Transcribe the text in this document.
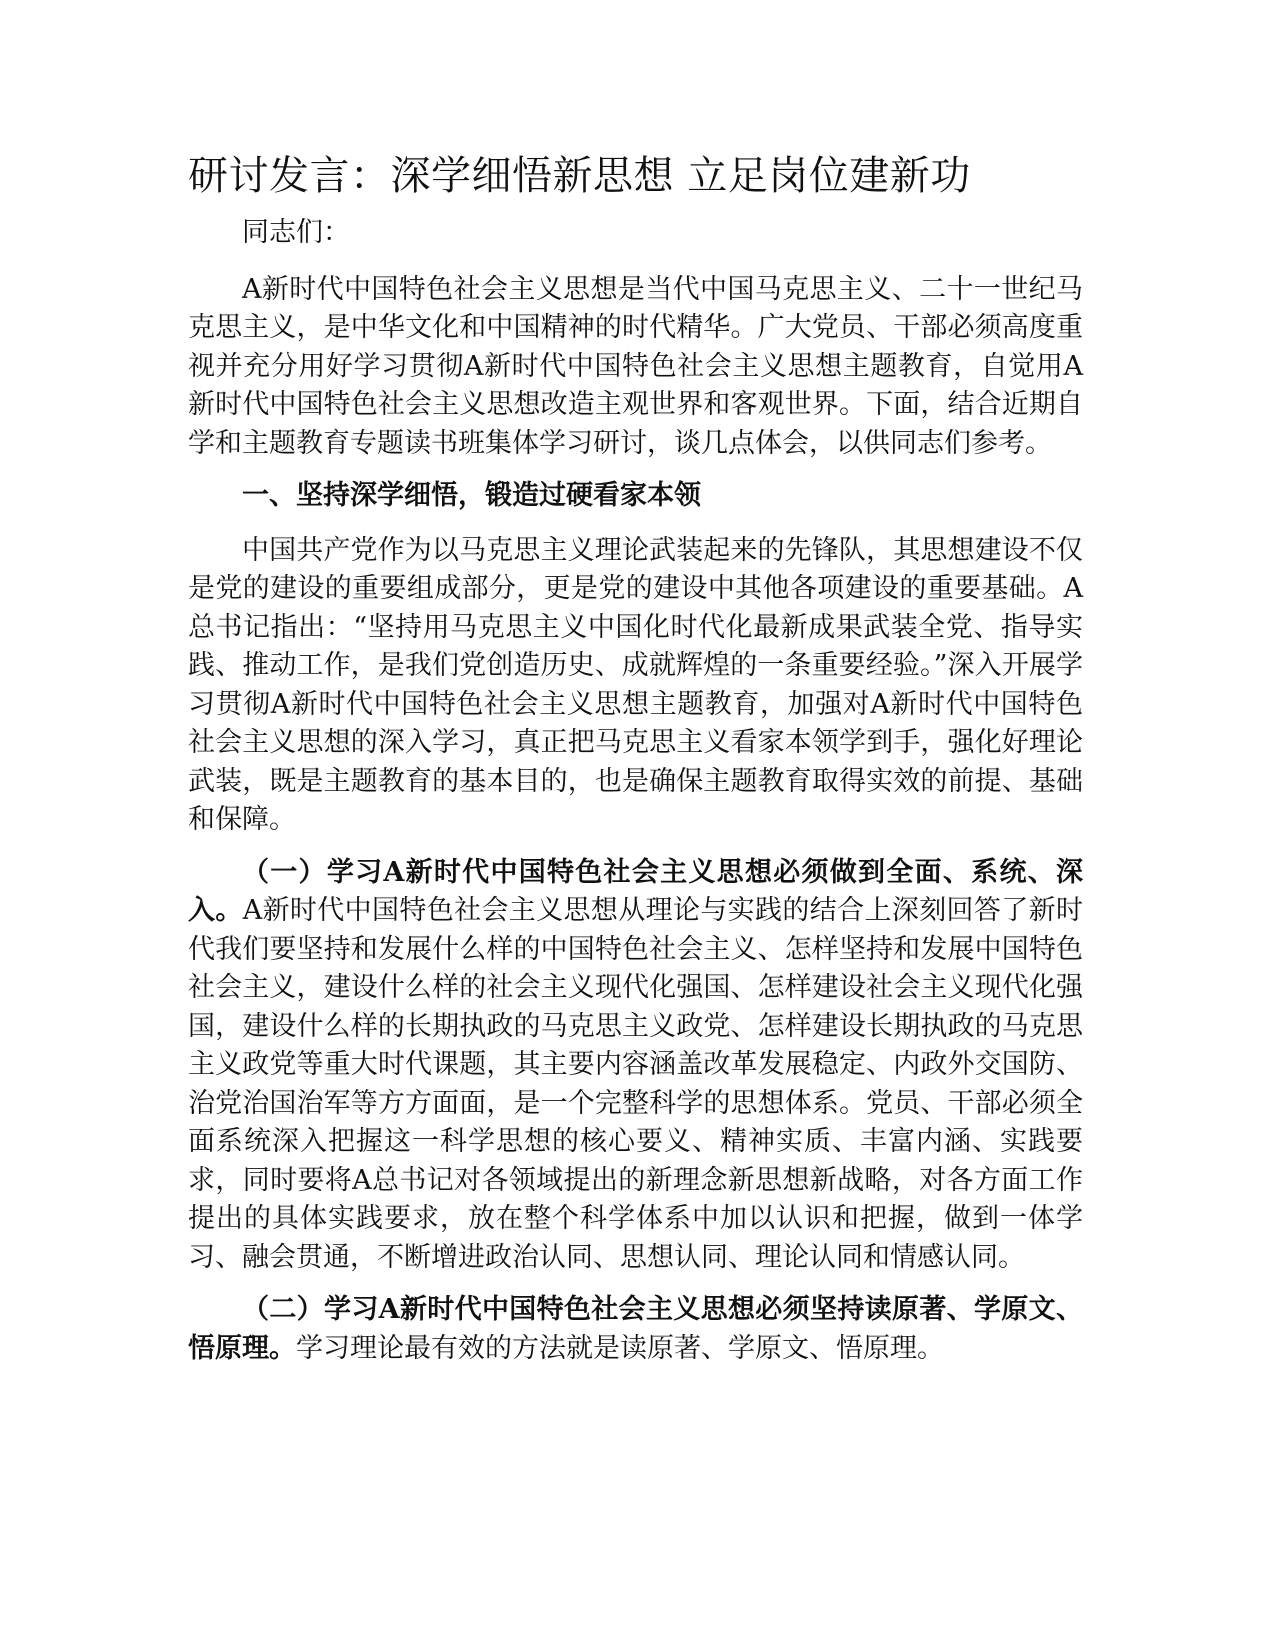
研讨发言：深学细悟新思想 立足岗位建新功

同志们：

A新时代中国特色社会主义思想是当代中国马克思主义、二十一世纪马克思主义，是中华文化和中国精神的时代精华。广大党员、干部必须高度重视并充分用好学习贯彻A新时代中国特色社会主义思想主题教育，自觉用A新时代中国特色社会主义思想改造主观世界和客观世界。下面，结合近期自学和主题教育专题读书班集体学习研讨，谈几点体会，以供同志们参考。

一、坚持深学细悟，锻造过硬看家本领

中国共产党作为以马克思主义理论武装起来的先锋队，其思想建设不仅是党的建设的重要组成部分，更是党的建设中其他各项建设的重要基础。A总书记指出：“坚持用马克思主义中国化时代化最新成果武装全党、指导实践、推动工作，是我们党创造历史、成就辉煌的一条重要经验。”深入开展学习贯彻A新时代中国特色社会主义思想主题教育，加强对A新时代中国特色社会主义思想的深入学习，真正把马克思主义看家本领学到手，强化好理论武装，既是主题教育的基本目的，也是确保主题教育取得实效的前提、基础和保障。

（一）学习A新时代中国特色社会主义思想必须做到全面、系统、深入。A新时代中国特色社会主义思想从理论与实践的结合上深刻回答了新时代我们要坚持和发展什么样的中国特色社会主义、怎样坚持和发展中国特色社会主义，建设什么样的社会主义现代化强国、怎样建设社会主义现代化强国，建设什么样的长期执政的马克思主义政党、怎样建设长期执政的马克思主义政党等重大时代课题，其主要内容涵盖改革发展稳定、内政外交国防、治党治国治军等方方面面，是一个完整科学的思想体系。党员、干部必须全面系统深入把握这一科学思想的核心要义、精神实质、丰富内涵、实践要求，同时要将A总书记对各领域提出的新理念新思想新战略，对各方面工作提出的具体实践要求，放在整个科学体系中加以认识和把握，做到一体学习、融会贯通，不断增进政治认同、思想认同、理论认同和情感认同。

（二）学习A新时代中国特色社会主义思想必须坚持读原著、学原文、悟原理。学习理论最有效的方法就是读原著、学原文、悟原理。
